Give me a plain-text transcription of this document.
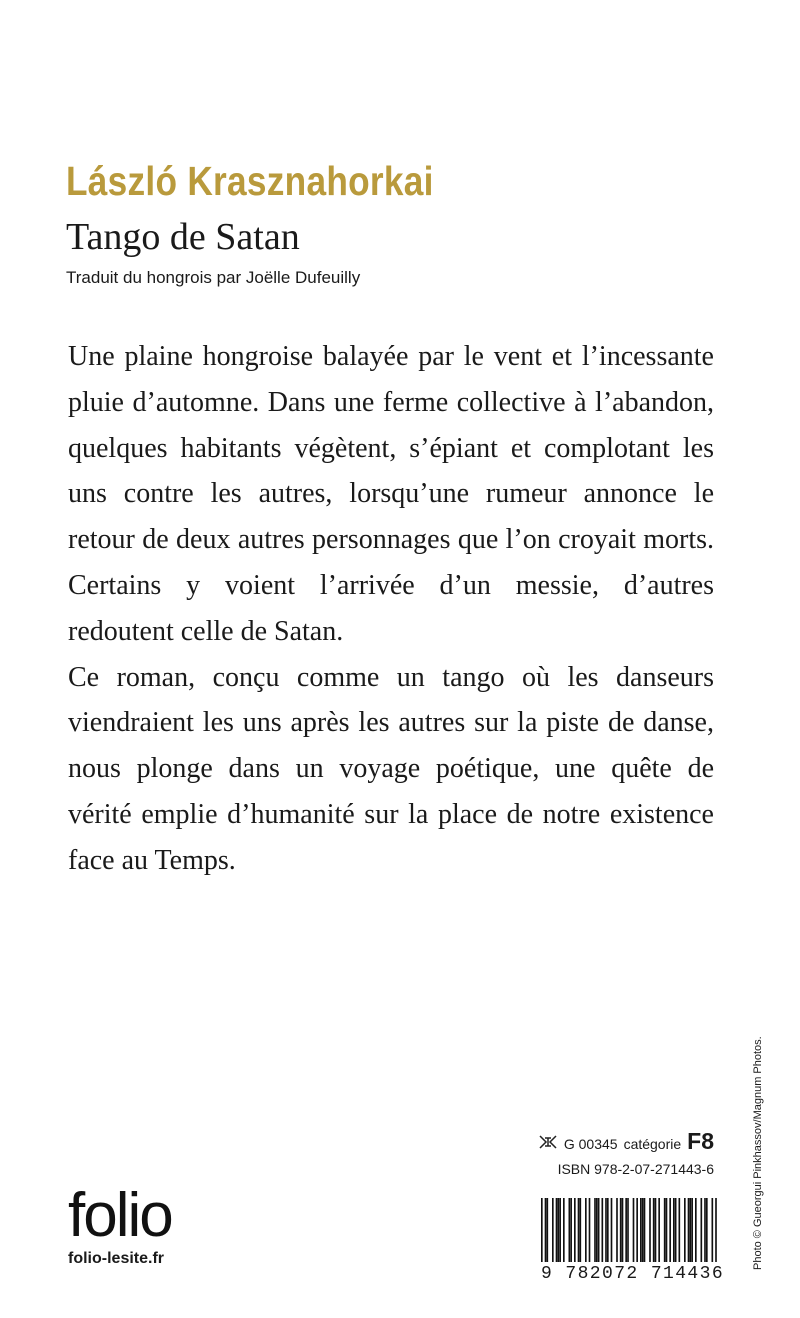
László Krasznahorkai
Tango de Satan
Traduit du hongrois par Joëlle Dufeuilly

Une plaine hongroise balayée par le vent et l’incessante pluie d’automne. Dans une ferme collective à l’abandon, quelques habitants végètent, s’épiant et complotant les uns contre les autres, lorsqu’une rumeur annonce le retour de deux autres personnages que l’on croyait morts. Certains y voient l’arrivée d’un messie, d’autres redoutent celle de Satan.

Ce roman, conçu comme un tango où les danseurs viendraient les uns après les autres sur la piste de danse, nous plonge dans un voyage poétique, une quête de vérité emplie d’humanité sur la place de notre existence face au Temps.

G 00345 catégorie F8
ISBN 978-2-07-271443-6
9 782072 714436
folio
folio-lesite.fr	Photo © Gueorgui Pinkhassov/Magnum Photos.
